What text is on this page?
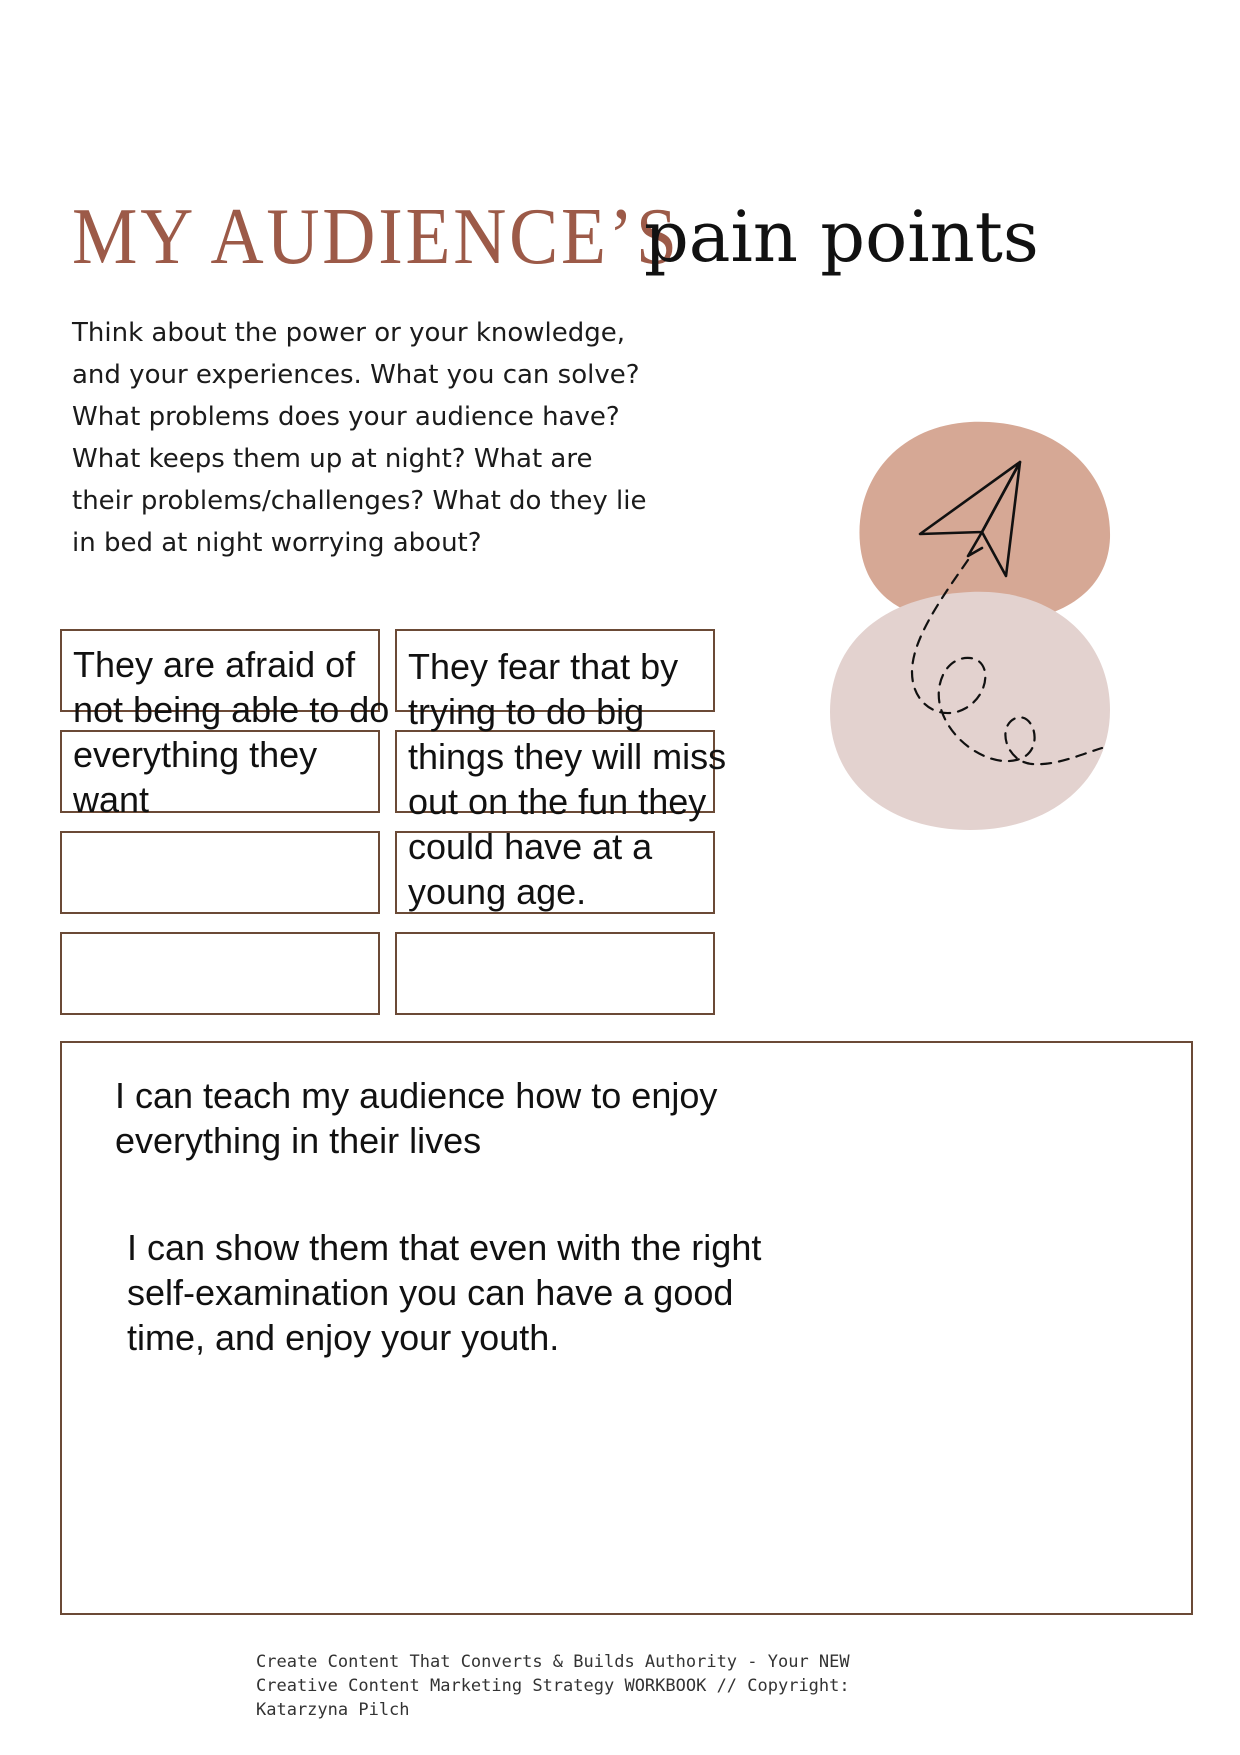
MY AUDIENCE’S
pain points

Think about the power or your knowledge,
and your experiences. What you can solve?
What problems does your audience have?
What keeps them up at night? What are
their problems/challenges? What do they lie
in bed at night worrying about?

They are afraid of
not being able to do
everything they
want

They fear that by
trying to do big
things they will miss
out on the fun they
could have at a
young age.

I can teach my audience how to enjoy
everything in their lives

I can show them that even with the right
self-examination you can have a good
time, and enjoy your youth.

Create Content That Converts & Builds Authority - Your NEW
Creative Content Marketing Strategy WORKBOOK // Copyright:
Katarzyna Pilch
